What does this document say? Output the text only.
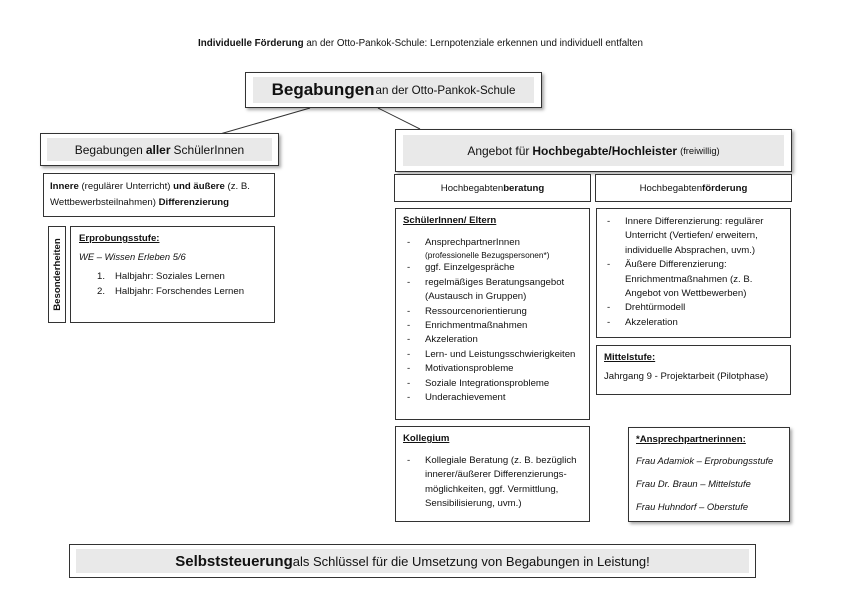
Individuelle Förderung an der Otto-Pankok-Schule: Lernpotenziale erkennen und individuell entfalten
Begabungen an der Otto-Pankok-Schule
Begabungen aller SchülerInnen
Innere (regulärer Unterricht) und äußere (z. B.
Wettbewerbsteilnahmen) Differenzierung
Besonderheiten Erprobungsstufe:
WE – Wissen Erleben 5/6
1. Halbjahr: Soziales Lernen
2. Halbjahr: Forschendes Lernen
Angebot für Hochbegabte/Hochleister (freiwillig)
Hochbegabten beratung	Hochbegabten förderung
SchülerInnen/ Eltern
- AnsprechpartnerInnen
(professionelle Bezugspersonen*)
- ggf. Einzelgespräche
- regelmäßiges Beratungsangebot (Austausch in Gruppen)
- Ressourcenorientierung
- Enrichmentmaßnahmen
- Akzeleration
- Lern- und Leistungsschwierigkeiten
- Motivationsprobleme
- Soziale Integrationsprobleme
- Underachievement
- Innere Differenzierung: regulärer Unterricht (Vertiefen/ erweitern, individuelle Absprachen, uvm.)
- Äußere Differenzierung: Enrichmentmaßnahmen (z. B. Angebot von Wettbewerben)
- Drehtürmodell
- Akzeleration
Mittelstufe:
Jahrgang 9 - Projektarbeit (Pilotphase)
Kollegium
- Kollegiale Beratung (z. B. bezüglich innerer/äußerer Differenzierungs-möglichkeiten, ggf. Vermittlung, Sensibilisierung, uvm.)
*Ansprechpartnerinnen:
Frau Adamiok – Erprobungsstufe
Frau Dr. Braun – Mittelstufe
Frau Huhndorf – Oberstufe
Selbststeuerung als Schlüssel für die Umsetzung von Begabungen in Leistung!
